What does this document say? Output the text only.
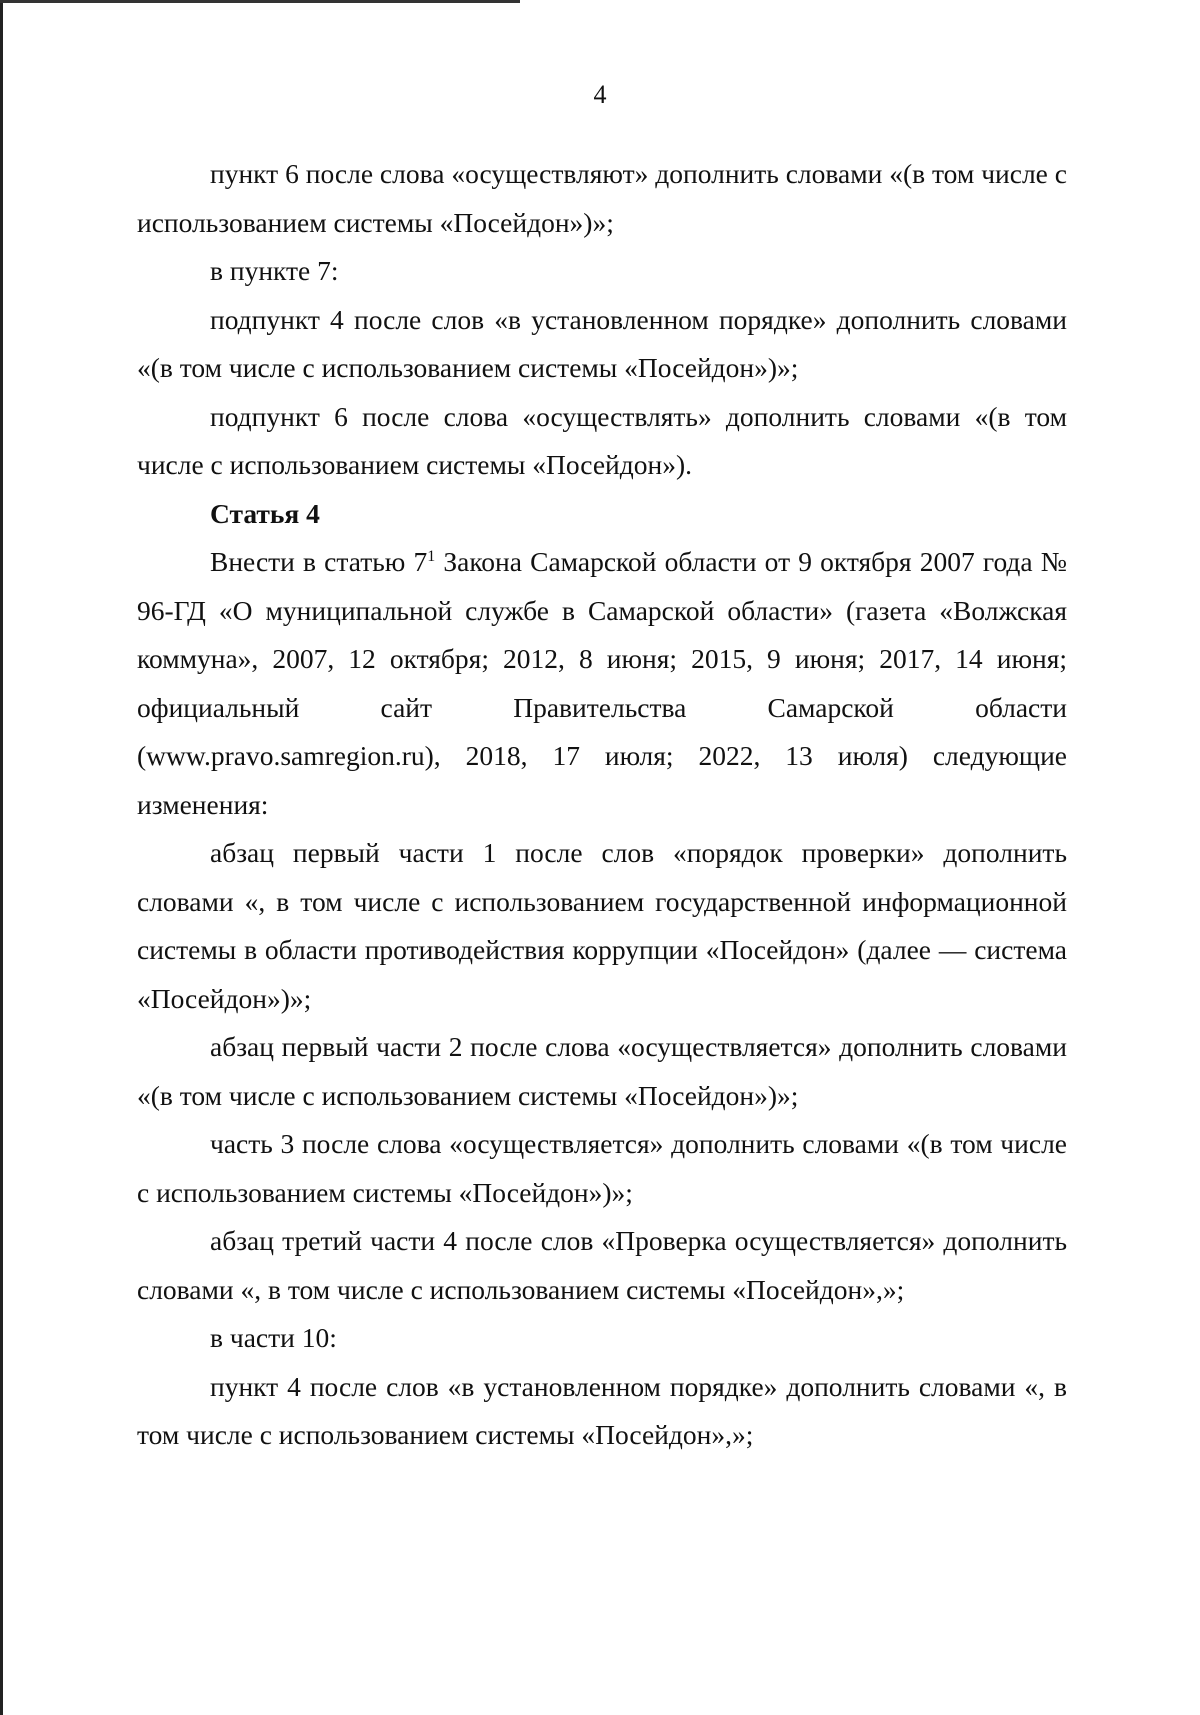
4

пункт 6 после слова «осуществляют» дополнить словами «(в том числе с использованием системы «Посейдон»)»;

в пункте 7:

подпункт 4 после слов «в установленном порядке» дополнить словами «(в том числе с использованием системы «Посейдон»)»;

подпункт 6 после слова «осуществлять» дополнить словами «(в том числе с использованием системы «Посейдон»).

Статья 4

Внести в статью $7^1$ Закона Самарской области от 9 октября 2007 года № 96-ГД «О муниципальной службе в Самарской области» (газета «Волжская коммуна», 2007, 12 октября; 2012, 8 июня; 2015, 9 июня; 2017, 14 июня; официальный сайт Правительства Самарской области (www.pravo.samregion.ru), 2018, 17 июля; 2022, 13 июля) следующие изменения:

абзац первый части 1 после слов «порядок проверки» дополнить словами «, в том числе с использованием государственной информационной системы в области противодействия коррупции «Посейдон» (далее — система «Посейдон»)»;

абзац первый части 2 после слова «осуществляется» дополнить словами «(в том числе с использованием системы «Посейдон»)»;

часть 3 после слова «осуществляется» дополнить словами «(в том числе с использованием системы «Посейдон»)»;

абзац третий части 4 после слов «Проверка осуществляется» дополнить словами «, в том числе с использованием системы «Посейдон»,»;

в части 10:

пункт 4 после слов «в установленном порядке» дополнить словами «, в том числе с использованием системы «Посейдон»,»;
